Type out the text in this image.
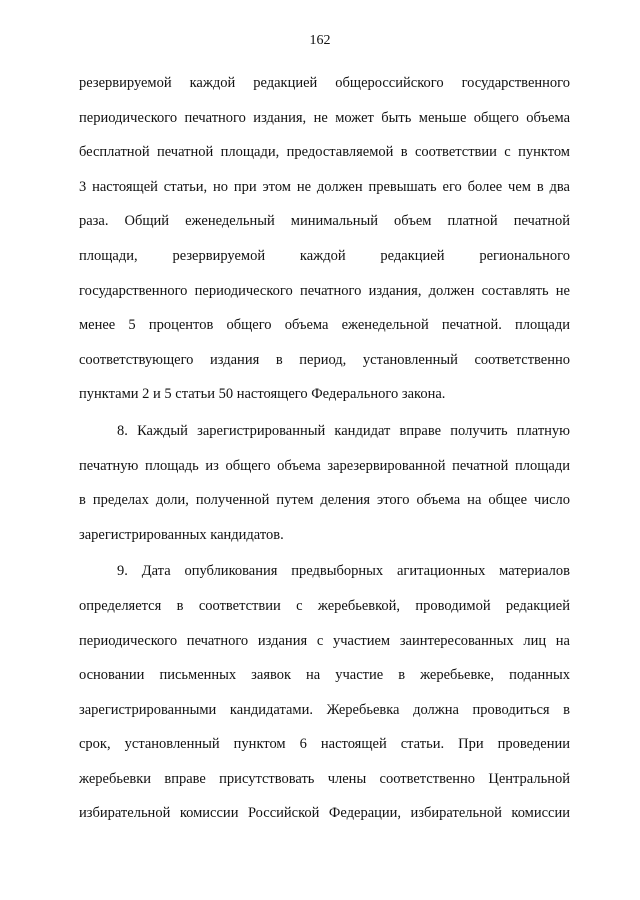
162
резервируемой каждой редакцией общероссийского государственного
периодического печатного издания, не может быть меньше общего объема
бесплатной печатной площади, предоставляемой в соответствии с пунктом
3 настоящей статьи, но при этом не должен превышать его более чем в два
раза. Общий еженедельный минимальный объем платной печатной
площади, резервируемой каждой редакцией регионального
государственного периодического печатного издания, должен составлять не
менее 5 процентов общего объема еженедельной печатной. площади
соответствующего издания в период, установленный соответственно
пунктами 2 и 5 статьи 50 настоящего Федерального закона.
8. Каждый зарегистрированный кандидат вправе получить платную
печатную площадь из общего объема зарезервированной печатной площади
в пределах доли, полученной путем деления этого объема на общее число
зарегистрированных кандидатов.
9. Дата опубликования предвыборных агитационных материалов
определяется в соответствии с жеребьевкой, проводимой редакцией
периодического печатного издания с участием заинтересованных лиц на
основании письменных заявок на участие в жеребьевке, поданных
зарегистрированными кандидатами. Жеребьевка должна проводиться в
срок, установленный пунктом 6 настоящей статьи. При проведении
жеребьевки вправе присутствовать члены соответственно Центральной
избирательной комиссии Российской Федерации, избирательной комиссии
